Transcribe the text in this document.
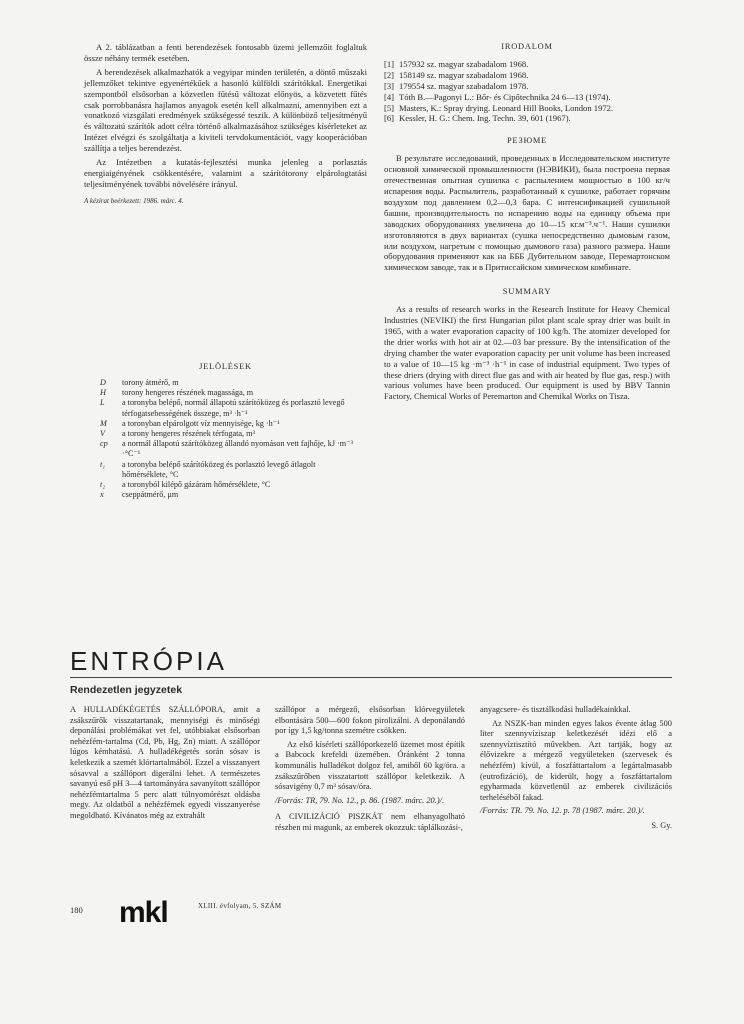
A 2. táblázatban a fenti berendezések fontosabb üzemi jellemzőit foglaltuk össze néhány termék esetében.

A berendezések alkalmazhatók a vegyipar minden területén, a döntő műszaki jellemzőket tekintve egyenértékűek a hasonló külföldi szárítókkal. Energetikai szempontból elsősorban a közvetlen fűtésű változat előnyös, a közvetett fűtés csak porrobbanásra hajlamos anyagok esetén kell alkalmazni, amennyiben ezt a vonatkozó vizsgálati eredmények szükségessé teszik. A különböző teljesítményű és változatú szárítók adott célra történő alkalmazásához szükséges kísérleteket az Intézet elvégzi és szolgáltatja a kiviteli tervdokumentációt, vagy kooperációban szállítja a teljes berendezést.

Az Intézetben a kutatás-fejlesztési munka jelenleg a porlasztás energiaigényének csökkentésére, valamint a szárítótorony elpárologtatási teljesítményének további növelésére irányul.

A kézirat beérkezett: 1986. márc. 4.
JELÖLÉSEK
D	torony átmérő, m
H	torony hengeres részének magassága, m
L	a toronyba belépő, normál állapotú szárítóközeg és porlasztó levegő térfogatsebességének összege, m³ ·h⁻¹
M	a toronyban elpárolgott víz mennyisége, kg ·h⁻¹
V	a torony hengeres részének térfogata, m³
cp	a normál állapotú szárítóközeg állandó nyomáson vett fajhője, kJ ·m⁻³ ·°C⁻¹
t₁	a toronyba belépő szárítóközeg és porlasztó levegő átlagolt hőmérséklete, °C
t₂	a toronyból kilépő gázáram hőmérséklete, °C
x	cseppátmérő, μm
IRODALOM
[1] 157932 sz. magyar szabadalom 1968.
[2] 158149 sz. magyar szabadalom 1968.
[3] 179554 sz. magyar szabadalom 1978.
[4] Tóth B.—Pagonyi L.: Bőr- és Cipőtechnika 24 6—13 (1974).
[5] Masters, K.: Spray drying. Leonard Hill Books, London 1972.
[6] Kessler, H. G.: Chem. Ing. Techn. 39, 601 (1967).
РЕЗЮМЕ

В результате исследований, проведенных в Исследовательском институте основной химической промышленности (НЭВИКИ), была построена первая отечественная опытная сушилка с распылением мощностью в 100 кг/ч испарения воды. Распылитель, разработанный к сушилке, работает горячим воздухом под давлением 0,2—0,3 бара. С интенсификацией сушильной башни, производительность по испарению воды на единицу объема при заводских оборудованиях увеличена до 10—15 кг.м⁻³.ч⁻¹. Наши сушилки изготовляются в двух вариантах (сушка непосредственно дымовым газом, или воздухом, нагретым с помощью дымового газа) разного размера. Наши оборудования применяют как на БББ Дубительном заводе, Перемартонском химическом заводе, так и в Притиссайском химическом комбинате.

SUMMARY

As a results of research works in the Research Institute for Heavy Chemical Industries (NEVIKI) the first Hungarian pilot plant scale spray drier was built in 1965, with a water evaporation capacity of 100 kg/h. The atomizer developed for the drier works with hot air at 02.—03 bar pressure. By the intensification of the drying chamber the water evaporation capacity per unit volume has been increased to a value of 10—15 kg ·m⁻³ ·h⁻¹ in case of industrial equipment. Two types of these driers (drying with direct flue gas and with air heated by flue gas, resp.) with various volumes have been produced. Our equipment is used by BBV Tannin Factory, Chemical Works of Peremarton and Chemikal Works on Tisza.

ENTRÓPIA
Rendezetlen jegyzetek

A HULLADÉKÉGETÉS SZÁLLÓPORA, amit a zsákszűrők visszatartanak, mennyiségi és minőségi deponálási problémákat vet fel, utóbbiakat elsősorban nehézfém-tartalma (Cd, Pb, Hg, Zn) miatt. A szállópor lúgos kémhatású. A hulladékégetés során sósav is keletkezik a szemét klórtartalmából. Ezzel a visszanyert sósavval a szállóport digerálni lehet. A természetes savanyú eső pH 3—4 tartományára savanyított szállópor nehézfémtartalma 5 perc alatt túlnyomórészt oldásba megy. Az oldatból a nehézfémek egyedi visszanyerése megoldható. Kívánatos még az extrahált

szállópor a mérgező, elsősorban klórvegyületek elbontására 500—600 fokon pirolizálni. A deponálandó por így 1,5 kg/tonna szemétre csökken.

Az első kísérleti szállóporkezelő üzemet most építik a Babcock krefeldi üzemében. Óránként 2 tonna kommunális hulladékot dolgoz fel, amiből 60 kg/óra. a zsákszűrőben visszatartott szállópor keletkezik. A sósavigény 0,7 m³ sósav/óra.

/Forrás: TR, 79. No. 12., p. 86. (1987. márc. 20.)/.

A CIVILIZÁCIÓ PISZKÁT nem elhanyagolható részben mi magunk, az emberek okozzuk: táplálkozási-,

anyagcsere- és tisztálkodási hulladékainkkal.

Az NSZK-ban minden egyes lakos évente átlag 500 liter szennyvíziszap keletkezését idézi elő a szennyvíztisztító művekben. Azt tartják, hogy az élővizekre a mérgező vegyületeken (szervesek és nehézfém) kívül, a foszfáttartalom a legártalmasabb (eutrofizáció), de kiderült, hogy a foszfáttartalom egyharmada közvetlenül az emberek civilizációs terhelésébõl fakad.

/Forrás: TR. 79. No. 12. p. 78 (1987. márc. 20.)/.

S. Gy.
180 mkl	XLIII. évfolyam, 5. SZÁM
